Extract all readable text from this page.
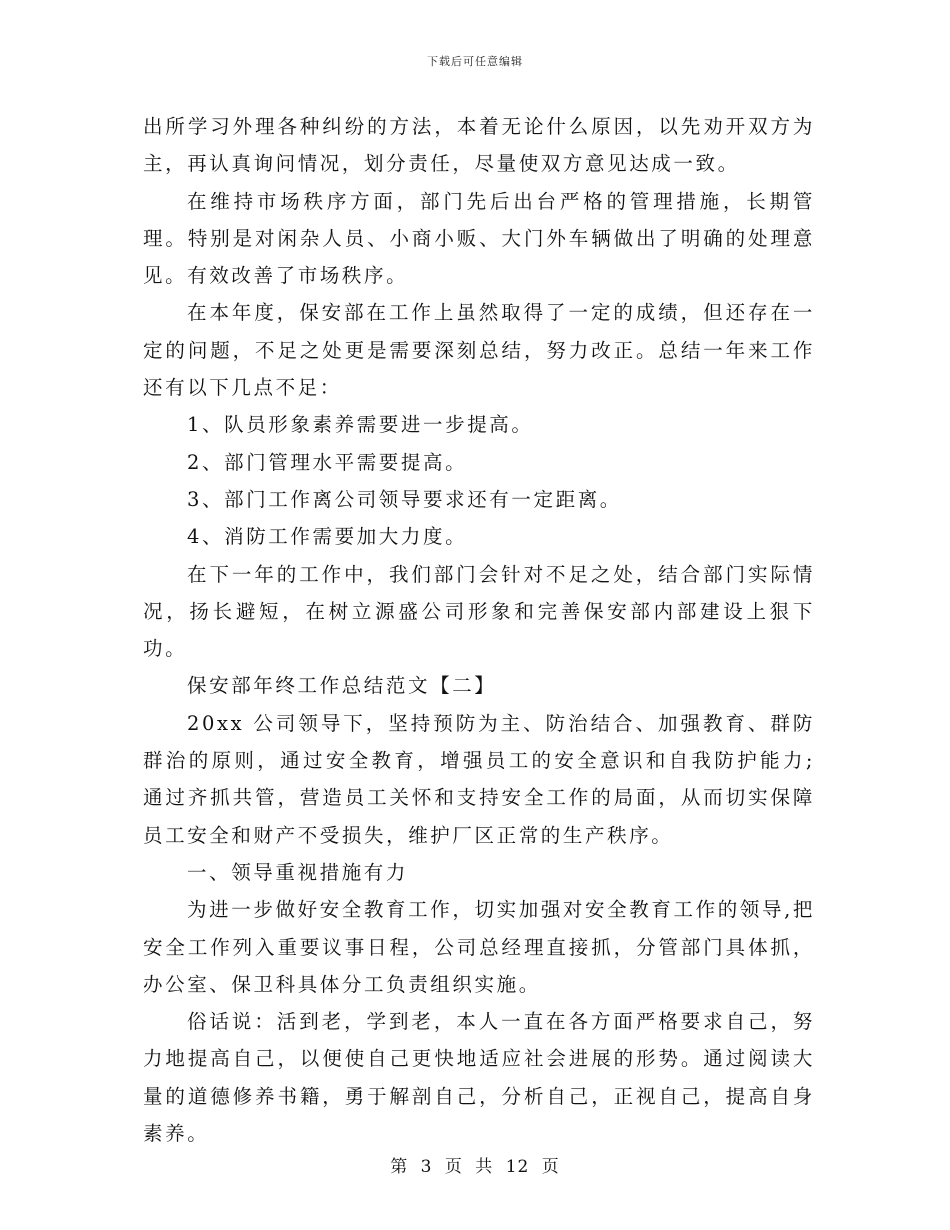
下载后可任意编辑

出所学习外理各种纠纷的方法，本着无论什么原因，以先劝开双方为主，再认真询问情况，划分责任，尽量使双方意见达成一致。

在维持市场秩序方面，部门先后出台严格的管理措施，长期管理。特别是对闲杂人员、小商小贩、大门外车辆做出了明确的处理意见。有效改善了市场秩序。

在本年度，保安部在工作上虽然取得了一定的成绩，但还存在一定的问题，不足之处更是需要深刻总结，努力改正。总结一年来工作还有以下几点不足：

1、队员形象素养需要进一步提高。

2、部门管理水平需要提高。

3、部门工作离公司领导要求还有一定距离。

4、消防工作需要加大力度。

在下一年的工作中，我们部门会针对不足之处，结合部门实际情况，扬长避短，在树立源盛公司形象和完善保安部内部建设上狠下功。

保安部年终工作总结范文【二】

20xx 公司领导下，坚持预防为主、防治结合、加强教育、群防群治的原则，通过安全教育，增强员工的安全意识和自我防护能力;通过齐抓共管，营造员工关怀和支持安全工作的局面，从而切实保障员工安全和财产不受损失，维护厂区正常的生产秩序。

一、领导重视措施有力

为进一步做好安全教育工作，切实加强对安全教育工作的领导,把安全工作列入重要议事日程，公司总经理直接抓，分管部门具体抓，办公室、保卫科具体分工负责组织实施。

俗话说：活到老，学到老，本人一直在各方面严格要求自己，努力地提高自己，以便使自己更快地适应社会进展的形势。通过阅读大量的道德修养书籍，勇于解剖自己，分析自己，正视自己，提高自身素养。

第 3 页 共 12 页
